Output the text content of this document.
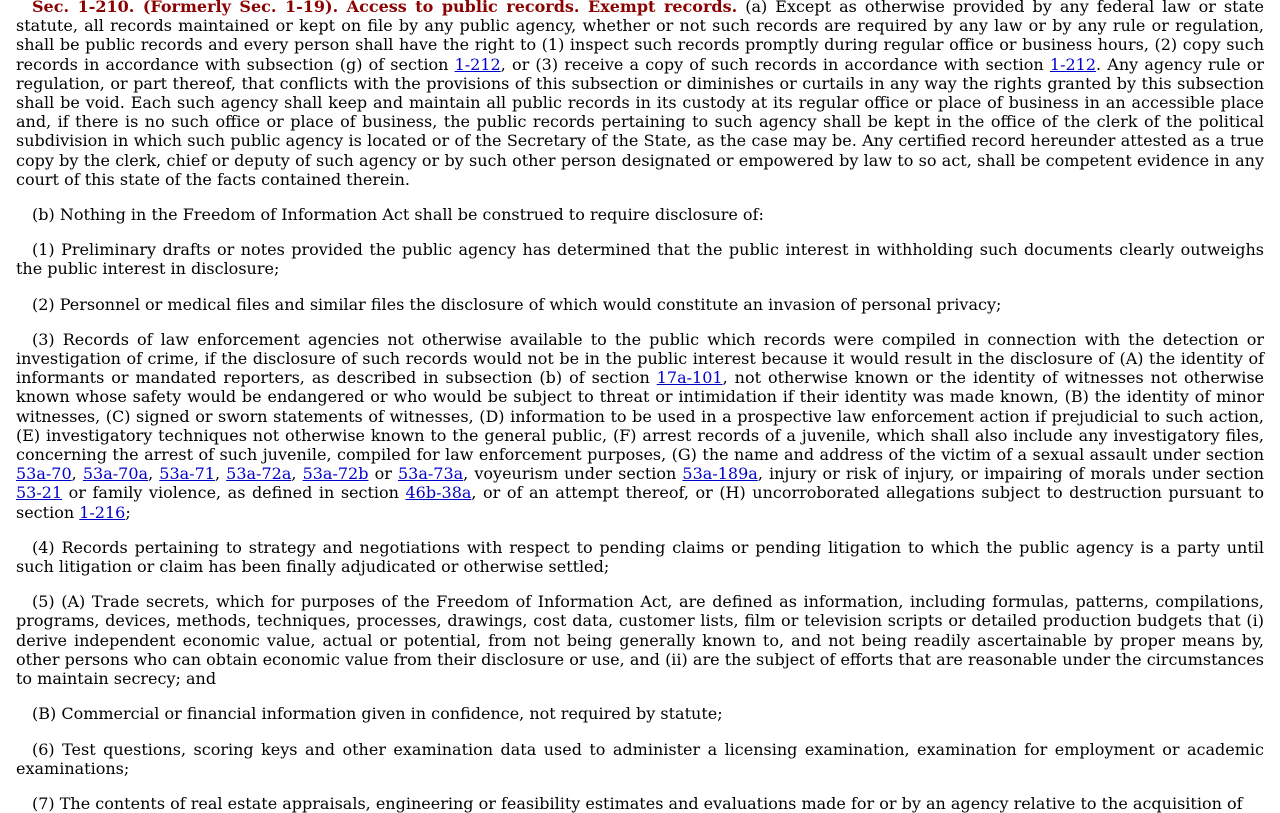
Sec. 1-210. (Formerly Sec. 1-19). Access to public records. Exempt records. (a) Except as otherwise provided by any federal law or state statute, all records maintained or kept on file by any public agency, whether or not such records are required by any law or by any rule or regulation, shall be public records and every person shall have the right to (1) inspect such records promptly during regular office or business hours, (2) copy such records in accordance with subsection (g) of section 1-212, or (3) receive a copy of such records in accordance with section 1-212. Any agency rule or regulation, or part thereof, that conflicts with the provisions of this subsection or diminishes or curtails in any way the rights granted by this subsection shall be void. Each such agency shall keep and maintain all public records in its custody at its regular office or place of business in an accessible place and, if there is no such office or place of business, the public records pertaining to such agency shall be kept in the office of the clerk of the political subdivision in which such public agency is located or of the Secretary of the State, as the case may be. Any certified record hereunder attested as a true copy by the clerk, chief or deputy of such agency or by such other person designated or empowered by law to so act, shall be competent evidence in any court of this state of the facts contained therein.

(b) Nothing in the Freedom of Information Act shall be construed to require disclosure of:

(1) Preliminary drafts or notes provided the public agency has determined that the public interest in withholding such documents clearly outweighs the public interest in disclosure;

(2) Personnel or medical files and similar files the disclosure of which would constitute an invasion of personal privacy;

(3) Records of law enforcement agencies not otherwise available to the public which records were compiled in connection with the detection or investigation of crime, if the disclosure of such records would not be in the public interest because it would result in the disclosure of (A) the identity of informants or mandated reporters, as described in subsection (b) of section 17a-101, not otherwise known or the identity of witnesses not otherwise known whose safety would be endangered or who would be subject to threat or intimidation if their identity was made known, (B) the identity of minor witnesses, (C) signed or sworn statements of witnesses, (D) information to be used in a prospective law enforcement action if prejudicial to such action, (E) investigatory techniques not otherwise known to the general public, (F) arrest records of a juvenile, which shall also include any investigatory files, concerning the arrest of such juvenile, compiled for law enforcement purposes, (G) the name and address of the victim of a sexual assault under section 53a-70, 53a-70a, 53a-71, 53a-72a, 53a-72b or 53a-73a, voyeurism under section 53a-189a, injury or risk of injury, or impairing of morals under section 53-21 or family violence, as defined in section 46b-38a, or of an attempt thereof, or (H) uncorroborated allegations subject to destruction pursuant to section 1-216;

(4) Records pertaining to strategy and negotiations with respect to pending claims or pending litigation to which the public agency is a party until such litigation or claim has been finally adjudicated or otherwise settled;

(5) (A) Trade secrets, which for purposes of the Freedom of Information Act, are defined as information, including formulas, patterns, compilations, programs, devices, methods, techniques, processes, drawings, cost data, customer lists, film or television scripts or detailed production budgets that (i) derive independent economic value, actual or potential, from not being generally known to, and not being readily ascertainable by proper means by, other persons who can obtain economic value from their disclosure or use, and (ii) are the subject of efforts that are reasonable under the circumstances to maintain secrecy; and

(B) Commercial or financial information given in confidence, not required by statute;

(6) Test questions, scoring keys and other examination data used to administer a licensing examination, examination for employment or academic examinations;

(7) The contents of real estate appraisals, engineering or feasibility estimates and evaluations made for or by an agency relative to the acquisition of
